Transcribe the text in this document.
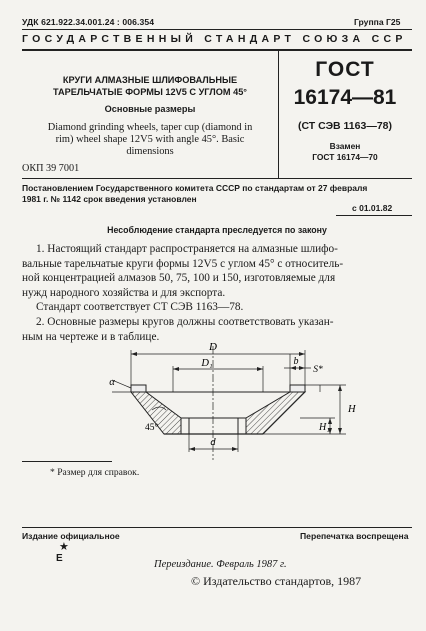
УДК 621.922.34.001.24 : 006.354	Группа Г25
ГОСУДАРСТВЕННЫЙ СТАНДАРТ СОЮЗА ССР
КРУГИ АЛМАЗНЫЕ ШЛИФОВАЛЬНЫЕ
ТАРЕЛЬЧАТЫЕ ФОРМЫ 12V5 С УГЛОМ 45°
Основные размеры
Diamond grinding wheels, taper cup (diamond in
rim) wheel shape 12V5 with angle 45°. Basic
dimensions
ОКП 39 7001
ГОСТ
16174—81
(СТ СЭВ 1163—78)
Взамен
ГОСТ 16174—70
Постановлением Государственного комитета СССР по стандартам от 27 февраля
1981 г. № 1142 срок введения установлен
с 01.01.82
Несоблюдение стандарта преследуется по закону
1. Настоящий стандарт распространяется на алмазные шлифо-
вальные тарельчатые круги формы 12V5 с углом 45° с относитель-
ной концентрацией алмазов 50, 75, 100 и 150, изготовляемые для
нужд народного хозяйства и для экспорта.
Стандарт соответствует СТ СЭВ 1163—78.
2. Основные размеры кругов должны соответствовать указан-
ным на чертеже и в таблице.
D
D₁	b
S*
α
H
H₁
45°
d
* Размер для справок.
Издание официальное	Перепечатка воспрещена
★
E
Переиздание. Февраль 1987 г.
© Издательство стандартов, 1987
